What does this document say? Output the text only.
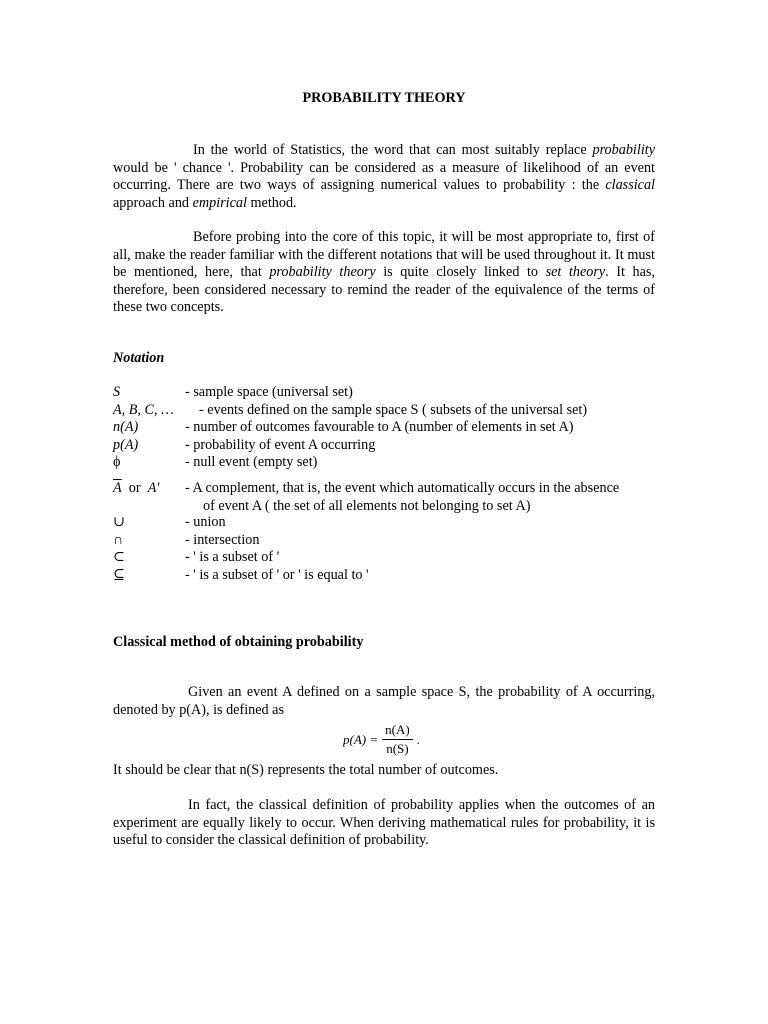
PROBABILITY THEORY

In the world of Statistics, the word that can most suitably replace probability would be ' chance '. Probability can be considered as a measure of likelihood of an event occurring. There are two ways of assigning numerical values to probability : the classical approach and empirical method.

Before probing into the core of this topic, it will be most appropriate to, first of all, make the reader familiar with the different notations that will be used throughout it. It must be mentioned, here, that probability theory is quite closely linked to set theory. It has, therefore, been considered necessary to remind the reader of the equivalence of the terms of these two concepts.

Notation
S	- sample space (universal set)
A, B, C, … - events defined on the sample space S ( subsets of the universal set)
n(A)	- number of outcomes favourable to A (number of elements in set A)
p(A)	- probability of event A occurring
ϕ	- null event (empty set)
$\overline{A}$ or A′ - A complement, that is, the event which automatically occurs in the absence
of event A ( the set of all elements not belonging to set A)
∪	- union
∩	- intersection
⊂	- ' is a subset of '
⊆	- ' is a subset of ' or ' is equal to '
Classical method of obtaining probability

Given an event A defined on a sample space S, the probability of A occurring, denoted by p(A), is defined as

$p(A) = \frac{n(A)}{n(S)}$ .

It should be clear that n(S) represents the total number of outcomes.

In fact, the classical definition of probability applies when the outcomes of an experiment are equally likely to occur. When deriving mathematical rules for probability, it is useful to consider the classical definition of probability.
